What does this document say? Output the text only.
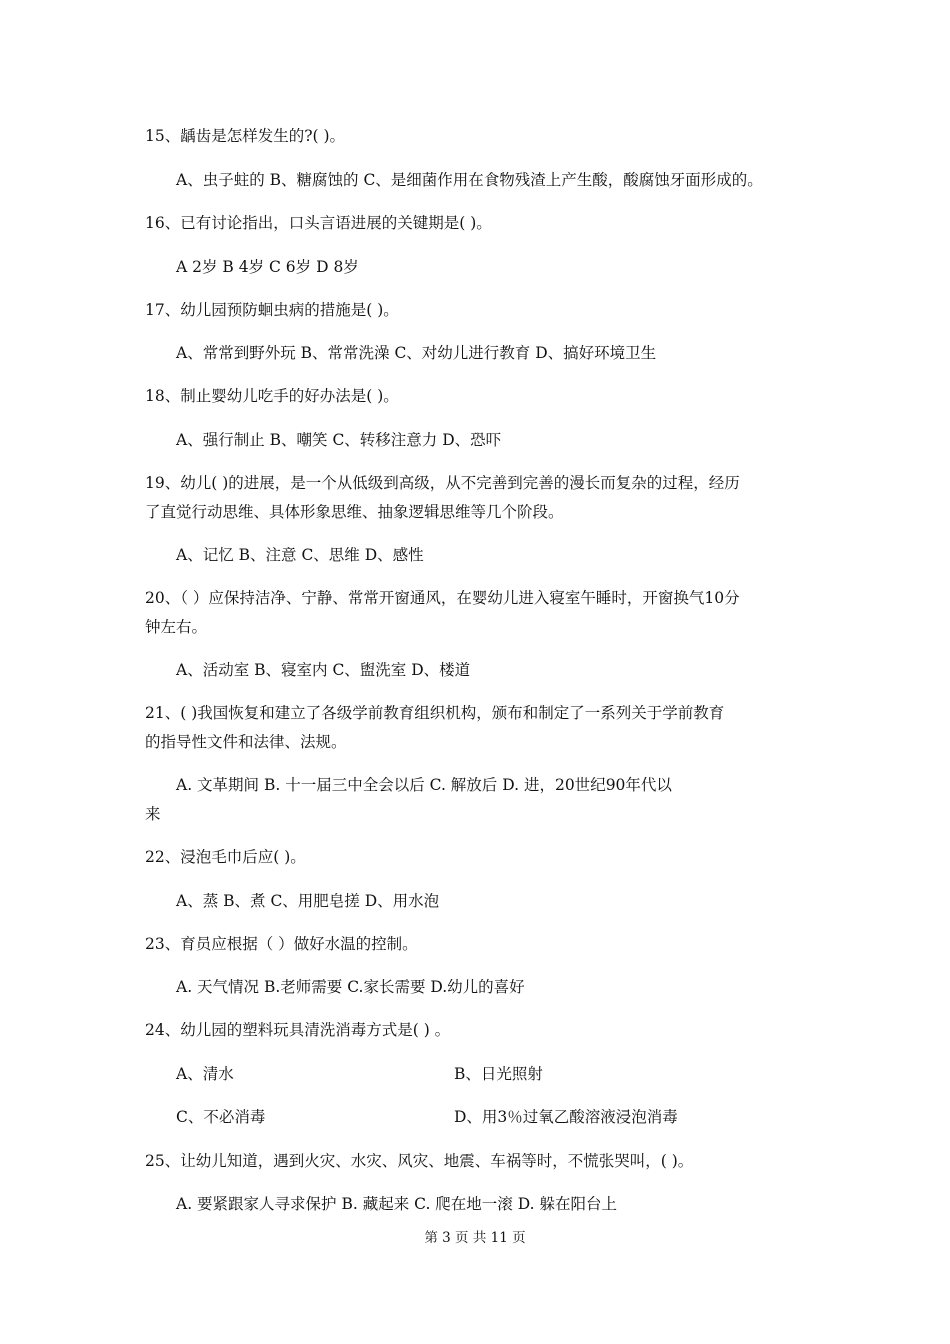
15、龋齿是怎样发生的?( )。

A、虫子蛀的 B、糖腐蚀的 C、是细菌作用在食物残渣上产生酸，酸腐蚀牙面形成的。

16、已有讨论指出，口头言语进展的关键期是( )。

A 2岁 B 4岁 C 6岁 D 8岁

17、幼儿园预防蛔虫病的措施是( )。

A、常常到野外玩 B、常常洗澡 C、对幼儿进行教育 D、搞好环境卫生

18、制止婴幼儿吃手的好办法是( )。

A、强行制止 B、嘲笑 C、转移注意力 D、恐吓

19、幼儿( )的进展，是一个从低级到高级，从不完善到完善的漫长而复杂的过程，经历

了直觉行动思维、具体形象思维、抽象逻辑思维等几个阶段。

A、记忆 B、注意 C、思维 D、感性

20、（ ）应保持洁净、宁静、常常开窗通风，在婴幼儿进入寝室午睡时，开窗换气10分

钟左右。

A、活动室 B、寝室内 C、盥洗室 D、楼道

21、( )我国恢复和建立了各级学前教育组织机构，颁布和制定了一系列关于学前教育

的指导性文件和法律、法规。

A. 文革期间 B. 十一届三中全会以后 C. 解放后 D. 进，20世纪90年代以

来

22、浸泡毛巾后应( )。

A、蒸 B、煮 C、用肥皂搓 D、用水泡

23、育员应根据（ ）做好水温的控制。

A. 天气情况 B.老师需要 C.家长需要 D.幼儿的喜好

24、幼儿园的塑料玩具清洗消毒方式是( ) 。

A、清水	B、日光照射

C、不必消毒	D、用3％过氧乙酸溶液浸泡消毒

25、让幼儿知道，遇到火灾、水灾、风灾、地震、车祸等时，不慌张哭叫，( )。

A. 要紧跟家人寻求保护 B. 藏起来 C. 爬在地一滚 D. 躲在阳台上

第 3 页 共 11 页
